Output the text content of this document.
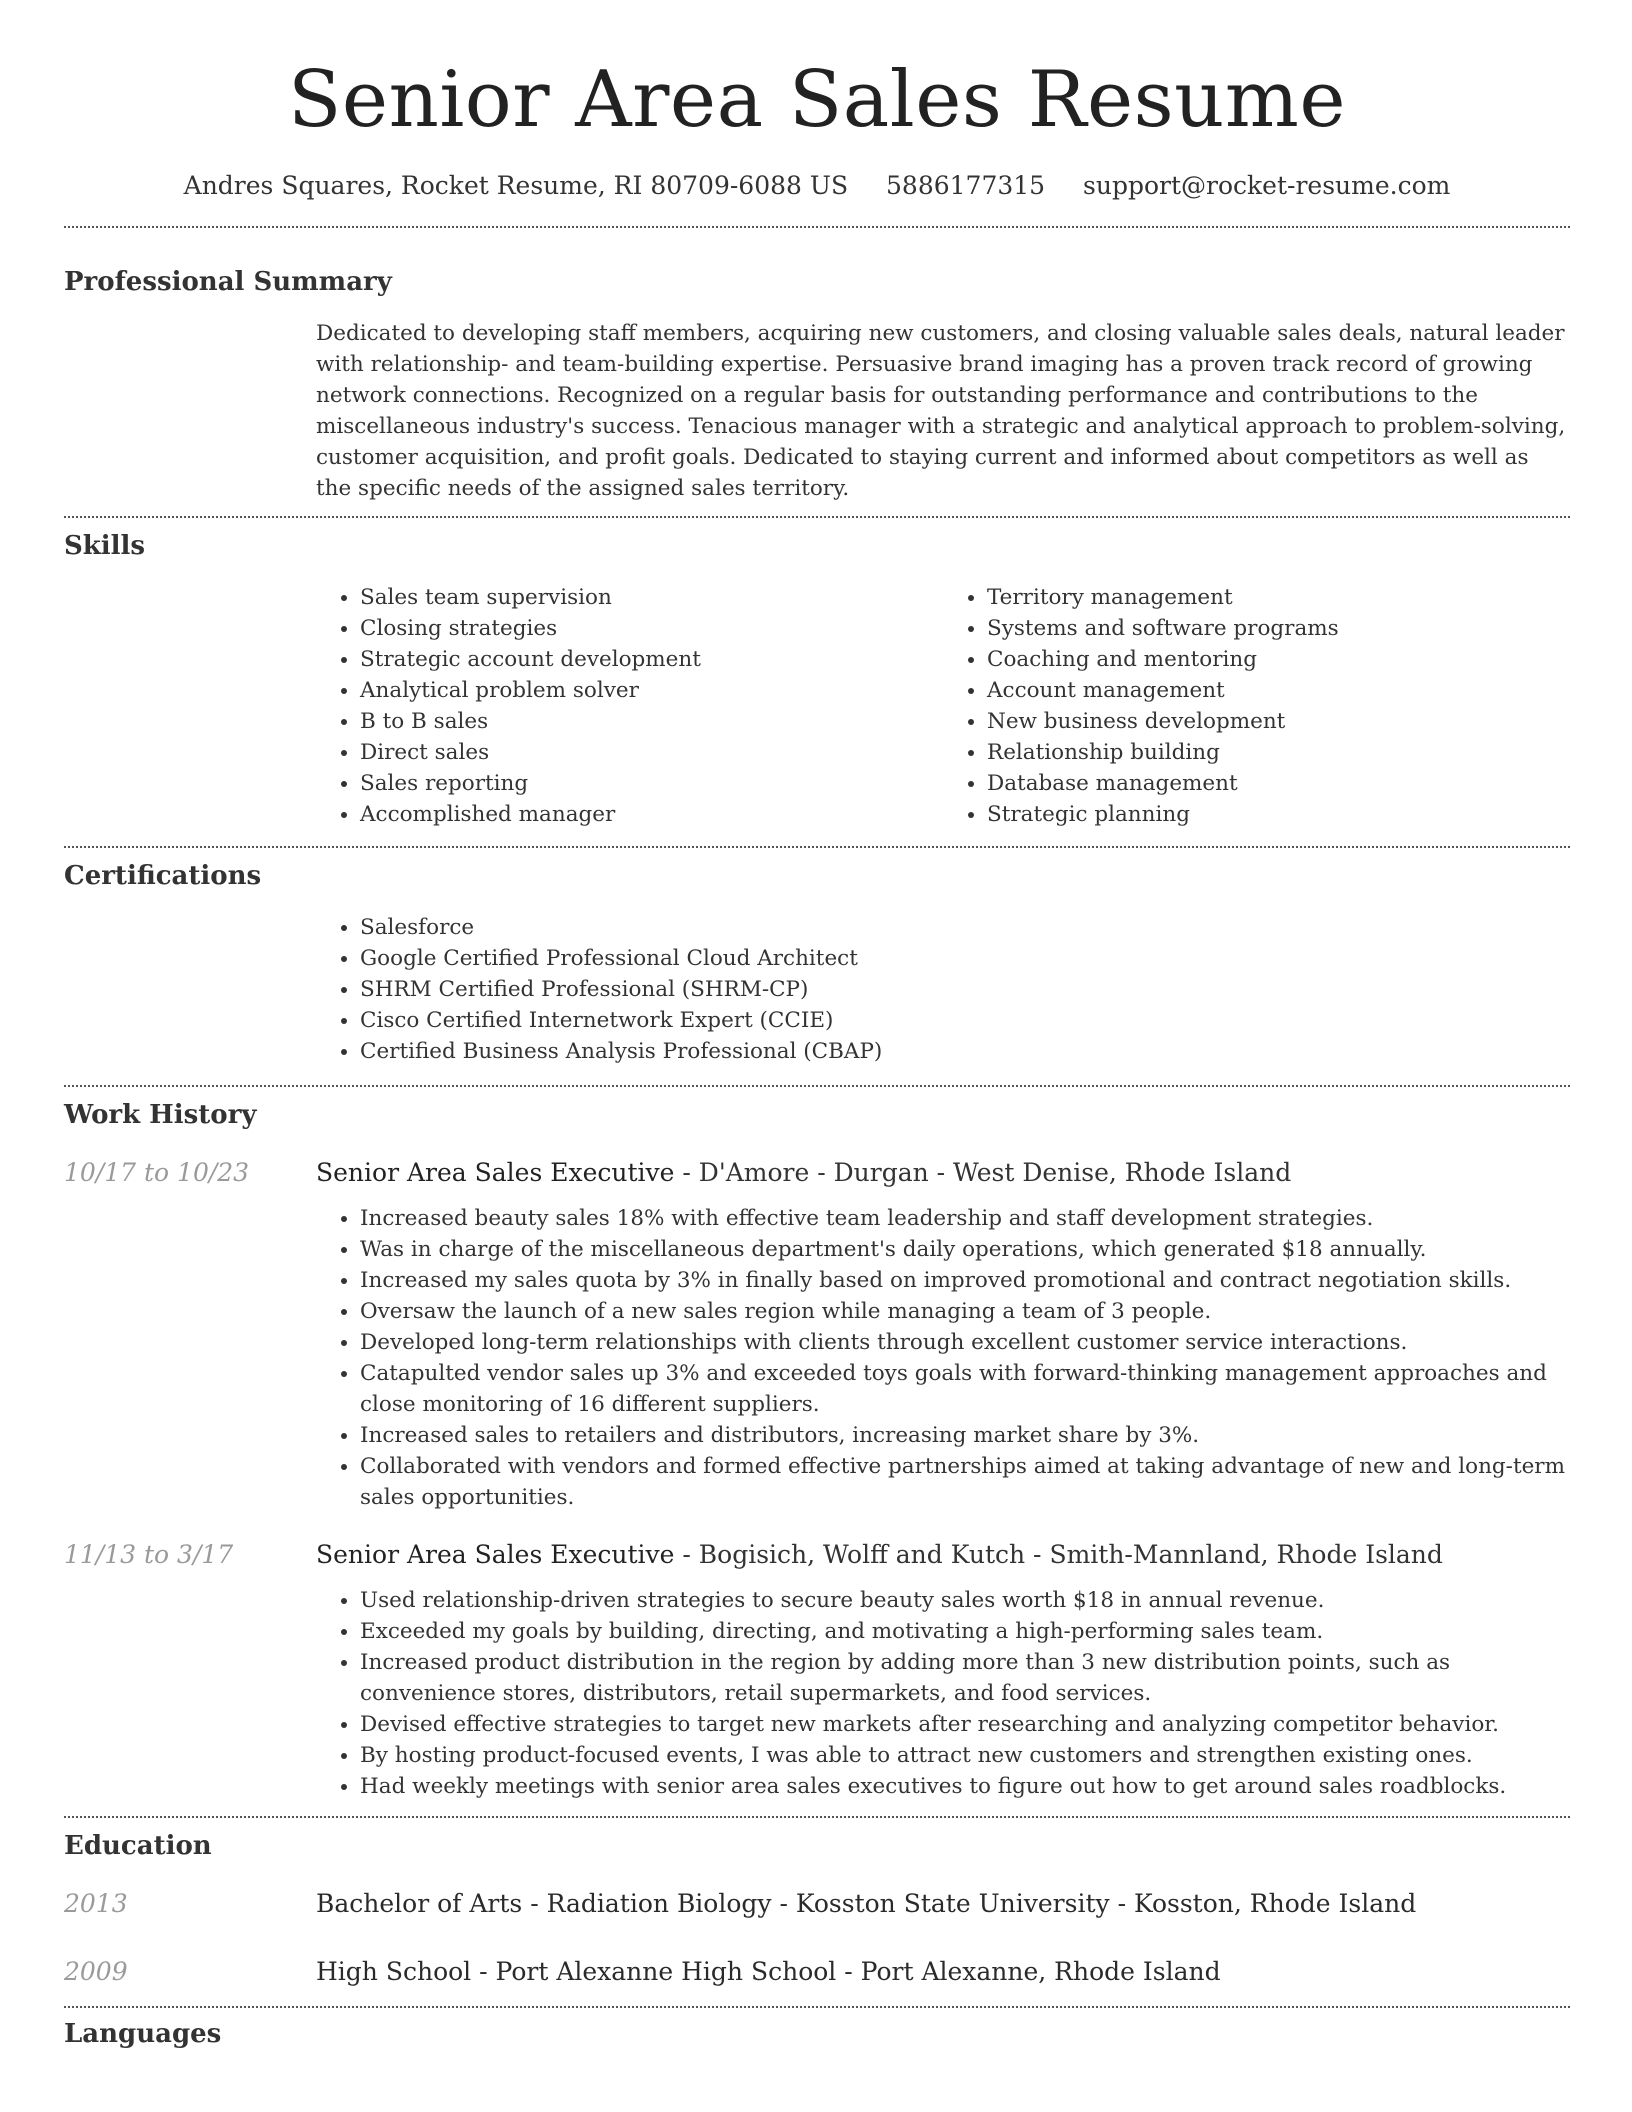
Senior Area Sales Resume
Andres Squares, Rocket Resume, RI 80709-6088 US 5886177315 support@rocket-resume.com
Professional Summary
Dedicated to developing staff members, acquiring new customers, and closing valuable sales deals, natural leader with relationship- and team-building expertise. Persuasive brand imaging has a proven track record of growing network connections. Recognized on a regular basis for outstanding performance and contributions to the miscellaneous industry's success. Tenacious manager with a strategic and analytical approach to problem-solving, customer acquisition, and profit goals. Dedicated to staying current and informed about competitors as well as the specific needs of the assigned sales territory.
Skills
• Sales team supervision
• Closing strategies
• Strategic account development
• Analytical problem solver
• B to B sales
• Direct sales
• Sales reporting
• Accomplished manager
• Territory management
• Systems and software programs
• Coaching and mentoring
• Account management
• New business development
• Relationship building
• Database management
• Strategic planning
Certifications
• Salesforce
• Google Certified Professional Cloud Architect
• SHRM Certified Professional (SHRM-CP)
• Cisco Certified Internetwork Expert (CCIE)
• Certified Business Analysis Professional (CBAP)
Work History
10/17 to 10/23	Senior Area Sales Executive - D'Amore - Durgan - West Denise, Rhode Island
• Increased beauty sales 18% with effective team leadership and staff development strategies.
• Was in charge of the miscellaneous department's daily operations, which generated $18 annually.
• Increased my sales quota by 3% in finally based on improved promotional and contract negotiation skills.
• Oversaw the launch of a new sales region while managing a team of 3 people.
• Developed long-term relationships with clients through excellent customer service interactions.
• Catapulted vendor sales up 3% and exceeded toys goals with forward-thinking management approaches and close monitoring of 16 different suppliers.
• Increased sales to retailers and distributors, increasing market share by 3%.
• Collaborated with vendors and formed effective partnerships aimed at taking advantage of new and long-term sales opportunities.
11/13 to 3/17	Senior Area Sales Executive - Bogisich, Wolff and Kutch - Smith-Mannland, Rhode Island
• Used relationship-driven strategies to secure beauty sales worth $18 in annual revenue.
• Exceeded my goals by building, directing, and motivating a high-performing sales team.
• Increased product distribution in the region by adding more than 3 new distribution points, such as convenience stores, distributors, retail supermarkets, and food services.
• Devised effective strategies to target new markets after researching and analyzing competitor behavior.
• By hosting product-focused events, I was able to attract new customers and strengthen existing ones.
• Had weekly meetings with senior area sales executives to figure out how to get around sales roadblocks.
Education
2013	Bachelor of Arts - Radiation Biology - Kosston State University - Kosston, Rhode Island
2009	High School - Port Alexanne High School - Port Alexanne, Rhode Island
Languages
